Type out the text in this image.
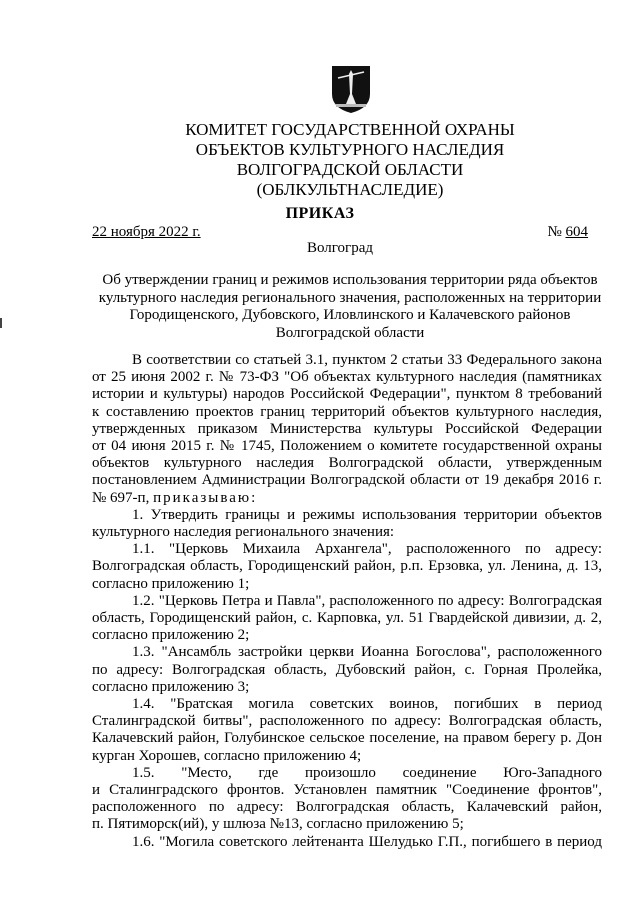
КОМИТЕТ ГОСУДАРСТВЕННОЙ ОХРАНЫ
ОБЪЕКТОВ КУЛЬТУРНОГО НАСЛЕДИЯ
ВОЛГОГРАДСКОЙ ОБЛАСТИ
(ОБЛКУЛЬТНАСЛЕДИЕ)
ПРИКАЗ
22 ноября 2022 г.	№ 604
Волгоград
Об утверждении границ и режимов использования территории ряда объектов
культурного наследия регионального значения, расположенных на территории
Городищенского, Дубовского, Иловлинского и Калачевского районов
Волгоградской области
В соответствии со статьей 3.1, пунктом 2 статьи 33 Федерального закона
от 25 июня 2002 г. № 73-ФЗ "Об объектах культурного наследия (памятниках
истории и культуры) народов Российской Федерации", пунктом 8 требований
к составлению проектов границ территорий объектов культурного наследия,
утвержденных приказом Министерства культуры Российской Федерации
от 04 июня 2015 г. № 1745, Положением о комитете государственной охраны
объектов культурного наследия Волгоградской области, утвержденным
постановлением Администрации Волгоградской области от 19 декабря 2016 г.
№ 697-п, приказываю:
1. Утвердить границы и режимы использования территории объектов
культурного наследия регионального значения:
1.1. "Церковь Михаила Архангела", расположенного по адресу:
Волгоградская область, Городищенский район, р.п. Ерзовка, ул. Ленина, д. 13,
согласно приложению 1;
1.2. "Церковь Петра и Павла", расположенного по адресу: Волгоградская
область, Городищенский район, с. Карповка, ул. 51 Гвардейской дивизии, д. 2,
согласно приложению 2;
1.3. "Ансамбль застройки церкви Иоанна Богослова", расположенного
по адресу: Волгоградская область, Дубовский район, с. Горная Пролейка,
согласно приложению 3;
1.4. "Братская могила советских воинов, погибших в период
Сталинградской битвы", расположенного по адресу: Волгоградская область,
Калачевский район, Голубинское сельское поселение, на правом берегу р. Дон
курган Хорошев, согласно приложению 4;
1.5. "Место, где произошло соединение Юго-Западного
и Сталинградского фронтов. Установлен памятник "Соединение фронтов",
расположенного по адресу: Волгоградская область, Калачевский район,
п. Пятиморск(ий), у шлюза №13, согласно приложению 5;
1.6. "Могила советского лейтенанта Шелудько Г.П., погибшего в период
